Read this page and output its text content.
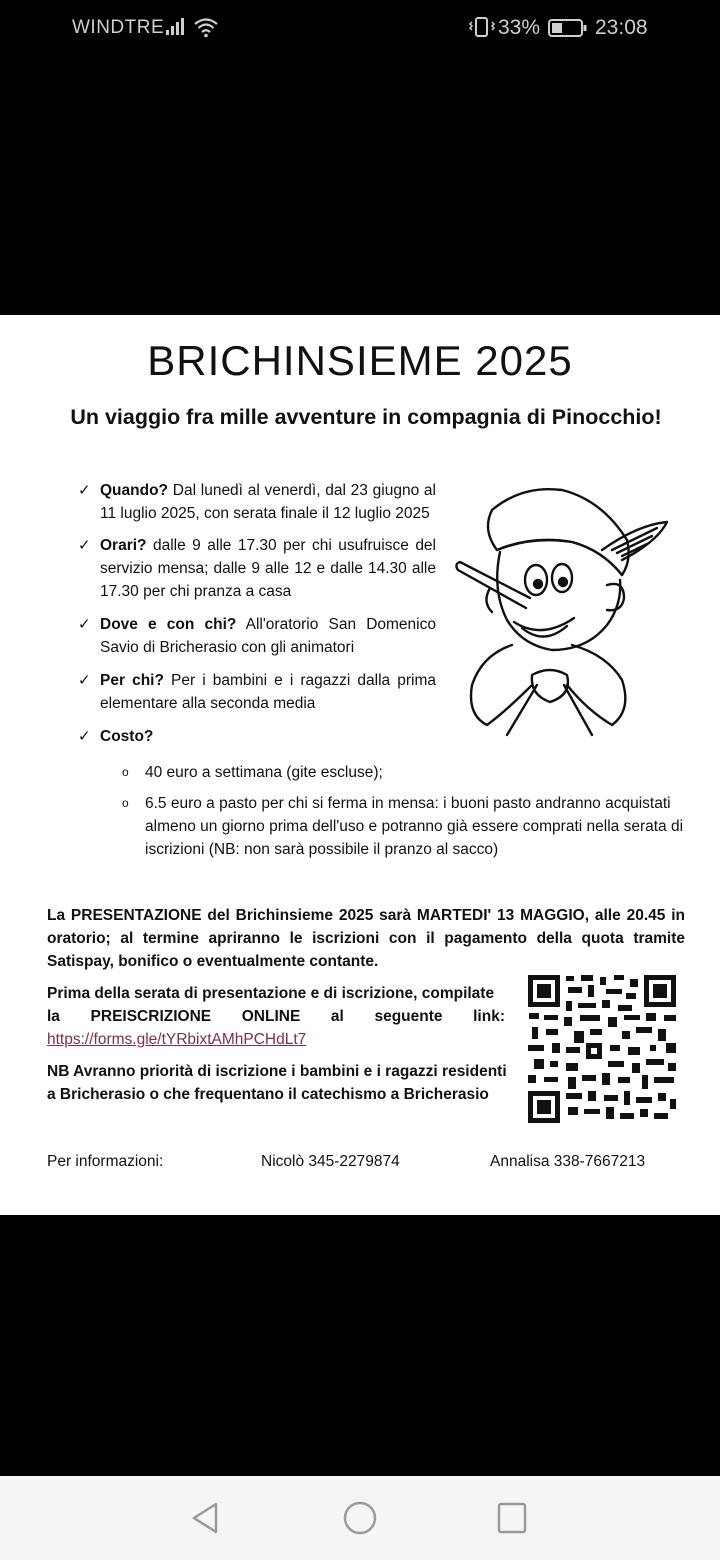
WINDTRE	33%	23:08
BRICHINSIEME 2025
Un viaggio fra mille avventure in compagnia di Pinocchio!
✓ Quando? Dal lunedì al venerdì, dal 23 giugno al 11 luglio 2025, con serata finale il 12 luglio 2025
✓ Orari? dalle 9 alle 17.30 per chi usufruisce del servizio mensa; dalle 9 alle 12 e dalle 14.30 alle 17.30 per chi pranza a casa
✓ Dove e con chi? All'oratorio San Domenico Savio di Bricherasio con gli animatori
✓ Per chi? Per i bambini e i ragazzi dalla prima elementare alla seconda media
✓ Costo?
o 40 euro a settimana (gite escluse);
o 6.5 euro a pasto per chi si ferma in mensa: i buoni pasto andranno acquistati almeno un giorno prima dell'uso e potranno già essere comprati nella serata di iscrizioni (NB: non sarà possibile il pranzo al sacco)
La PRESENTAZIONE del Brichinsieme 2025 sarà MARTEDI' 13 MAGGIO, alle 20.45 in oratorio; al termine apriranno le iscrizioni con il pagamento della quota tramite Satispay, bonifico o eventualmente contante.
Prima della serata di presentazione e di iscrizione, compilate
la PREISCRIZIONE ONLINE al seguente link:
https://forms.gle/tYRbixtAMhPCHdLt7
NB Avranno priorità di iscrizione i bambini e i ragazzi residenti a Bricherasio o che frequentano il catechismo a Bricherasio
Per informazioni:	Nicolò 345-2279874	Annalisa 338-7667213
